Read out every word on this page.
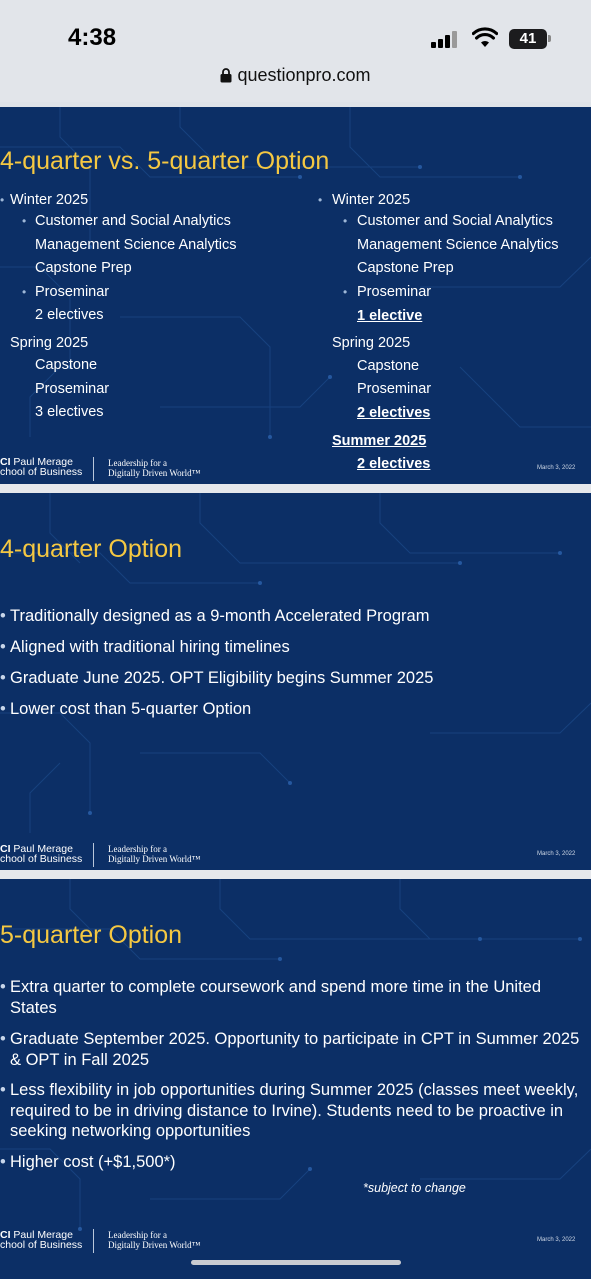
4:38	41
questionpro.com
4-quarter vs. 5-quarter Option
• Winter 2025
• Customer and Social Analytics
Management Science Analytics
Capstone Prep
• Proseminar
2 electives
Spring 2025
Capstone
Proseminar
3 electives
• Winter 2025
• Customer and Social Analytics
Management Science Analytics
Capstone Prep
• Proseminar
1 elective
Spring 2025
Capstone
Proseminar
2 electives
Summer 2025
2 electives
CI Paul Merage
chool of Business
Leadership for a
Digitally Driven World™	March 3, 2022
4-quarter Option
• Traditionally designed as a 9-month Accelerated Program
• Aligned with traditional hiring timelines
• Graduate June 2025. OPT Eligibility begins Summer 2025
• Lower cost than 5-quarter Option
CI Paul Merage
chool of Business
Leadership for a
Digitally Driven World™	March 3, 2022
5-quarter Option
• Extra quarter to complete coursework and spend more time in the United States
• Graduate September 2025. Opportunity to participate in CPT in Summer 2025 & OPT in Fall 2025
• Less flexibility in job opportunities during Summer 2025 (classes meet weekly, required to be in driving distance to Irvine). Students need to be proactive in seeking networking opportunities
• Higher cost (+$1,500*)
*subject to change
CI Paul Merage
chool of Business
Leadership for a
Digitally Driven World™	March 3, 2022
